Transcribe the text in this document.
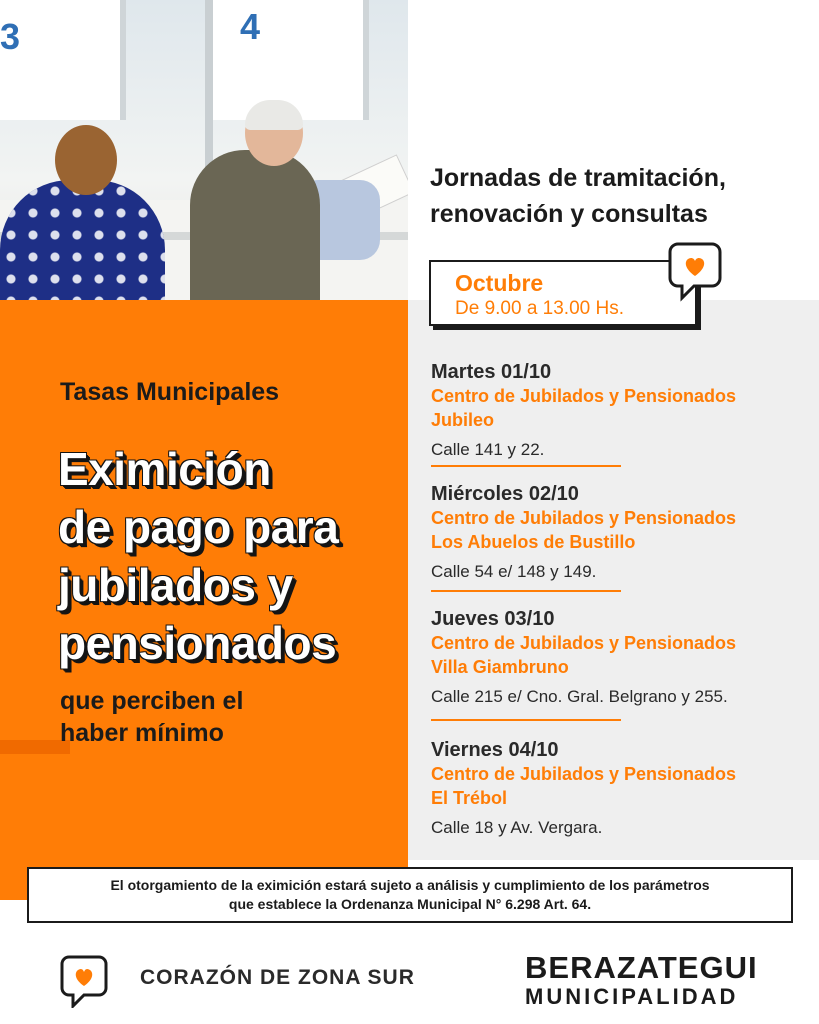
3	4
Tasas Municipales
Eximición
de pago para
jubilados y
pensionados
que perciben el
haber mínimo
Jornadas de tramitación,
renovación y consultas
Octubre
De 9.00 a 13.00 Hs.
Martes 01/10
Centro de Jubilados y Pensionados
Jubileo
Calle 141 y 22.
Miércoles 02/10
Centro de Jubilados y Pensionados
Los Abuelos de Bustillo
Calle 54 e/ 148 y 149.
Jueves 03/10
Centro de Jubilados y Pensionados
Villa Giambruno
Calle 215 e/ Cno. Gral. Belgrano y 255.
Viernes 04/10
Centro de Jubilados y Pensionados
El Trébol
Calle 18 y Av. Vergara.
El otorgamiento de la eximición estará sujeto a análisis y cumplimiento de los parámetros
que establece la Ordenanza Municipal N° 6.298 Art. 64.
CORAZÓN DE ZONA SUR	BERAZATEGUI
MUNICIPALIDAD
